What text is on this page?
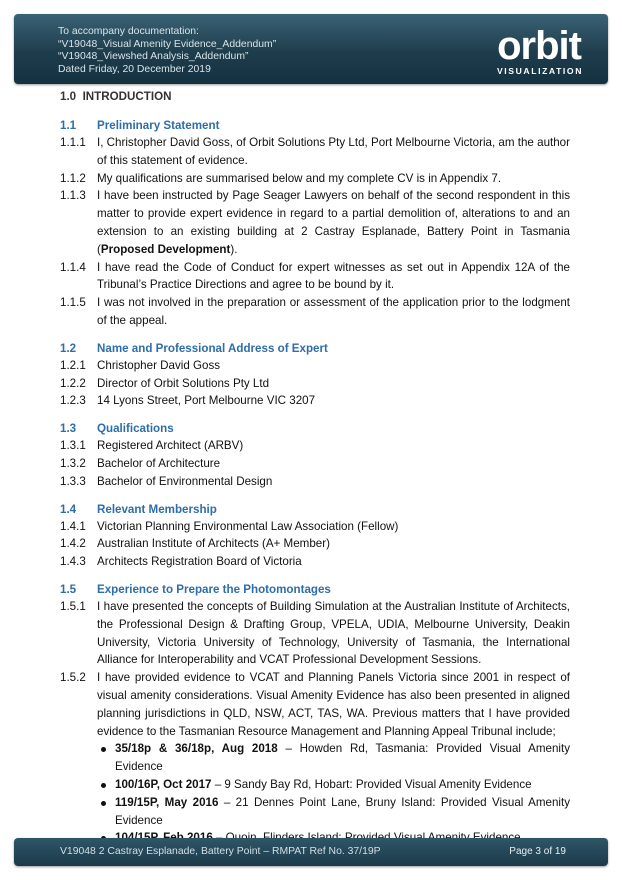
To accompany documentation:
“V19048_Visual Amenity Evidence_Addendum”
“V19048_Viewshed Analysis_Addendum”
Dated Friday, 20 December 2019
orbit
VISUALIZATION
1.0 INTRODUCTION
1.1 Preliminary Statement
1.1.1 I, Christopher David Goss, of Orbit Solutions Pty Ltd, Port Melbourne Victoria, am the author of this statement of evidence.
1.1.2 My qualifications are summarised below and my complete CV is in Appendix 7.
1.1.3 I have been instructed by Page Seager Lawyers on behalf of the second respondent in this matter to provide expert evidence in regard to a partial demolition of, alterations to and an extension to an existing building at 2 Castray Esplanade, Battery Point in Tasmania (Proposed Development).
1.1.4 I have read the Code of Conduct for expert witnesses as set out in Appendix 12A of the Tribunal’s Practice Directions and agree to be bound by it.
1.1.5 I was not involved in the preparation or assessment of the application prior to the lodgment of the appeal.
1.2 Name and Professional Address of Expert
1.2.1 Christopher David Goss
1.2.2 Director of Orbit Solutions Pty Ltd
1.2.3 14 Lyons Street, Port Melbourne VIC 3207
1.3 Qualifications
1.3.1 Registered Architect (ARBV)
1.3.2 Bachelor of Architecture
1.3.3 Bachelor of Environmental Design
1.4 Relevant Membership
1.4.1 Victorian Planning Environmental Law Association (Fellow)
1.4.2 Australian Institute of Architects (A+ Member)
1.4.3 Architects Registration Board of Victoria
1.5 Experience to Prepare the Photomontages
1.5.1 I have presented the concepts of Building Simulation at the Australian Institute of Architects, the Professional Design & Drafting Group, VPELA, UDIA, Melbourne University, Deakin University, Victoria University of Technology, University of Tasmania, the International Alliance for Interoperability and VCAT Professional Development Sessions.
1.5.2 I have provided evidence to VCAT and Planning Panels Victoria since 2001 in respect of visual amenity considerations. Visual Amenity Evidence has also been presented in aligned planning jurisdictions in QLD, NSW, ACT, TAS, WA. Previous matters that I have provided evidence to the Tasmanian Resource Management and Planning Appeal Tribunal include;
35/18p & 36/18p, Aug 2018 – Howden Rd, Tasmania: Provided Visual Amenity Evidence
100/16P, Oct 2017 – 9 Sandy Bay Rd, Hobart: Provided Visual Amenity Evidence
119/15P, May 2016 – 21 Dennes Point Lane, Bruny Island: Provided Visual Amenity Evidence
V19048 2 Castray Esplanade, Battery Point – RMPAT Ref No. 37/19P	Page 3 of 19
